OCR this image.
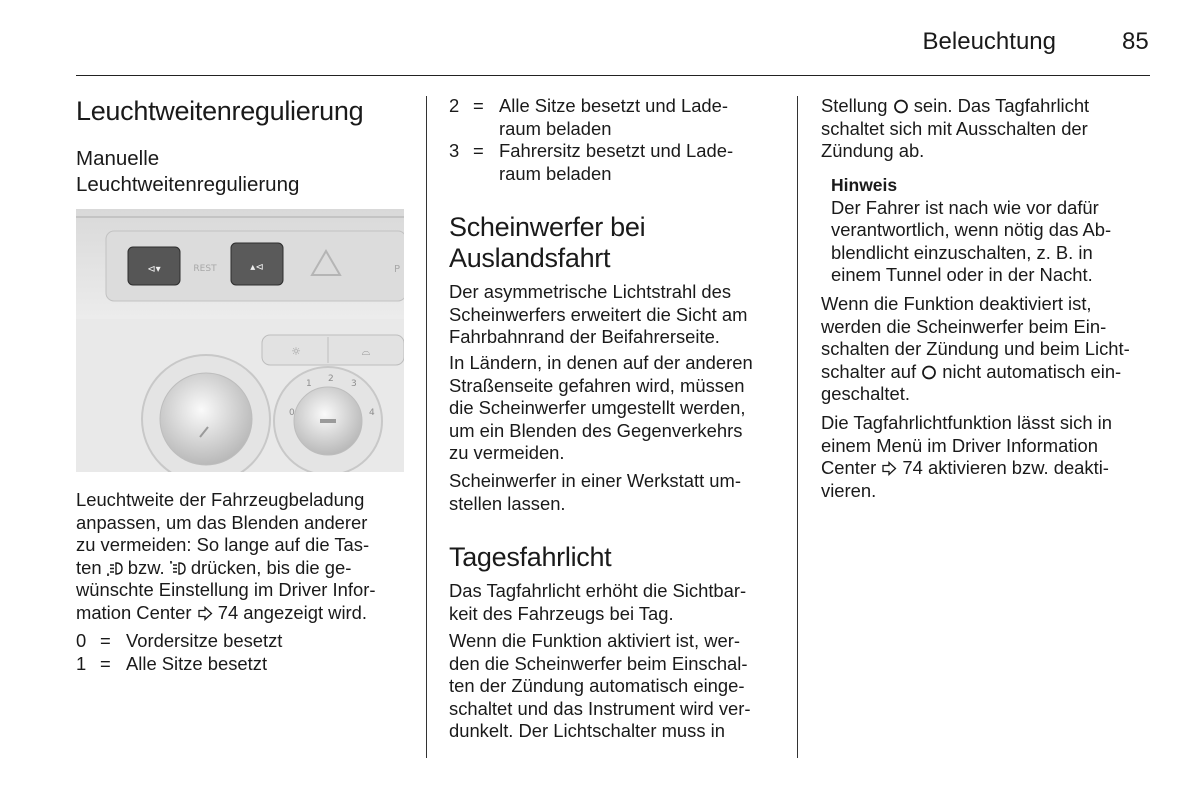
Beleuchtung	85
Leuchtweitenregulierung
Manuelle
Leuchtweitenregulierung
⊲▾	REST	▴⊲	P
☼	⌓
1 2 3
4
0

Leuchtweite der Fahrzeugbeladung

anpassen, um das Blenden anderer

zu vermeiden: So lange auf die Tas-

ten  bzw.  drücken, bis die ge-

wünschte Einstellung im Driver Infor-

mation Center  74 angezeigt wird.

0 = Vordersitze besetzt
1 = Alle Sitze besetzt
2 = Alle Sitze besetzt und Lade-
raum beladen
3 = Fahrersitz besetzt und Lade-
raum beladen
Scheinwerfer bei
Auslandsfahrt

Der asymmetrische Lichtstrahl des

Scheinwerfers erweitert die Sicht am

Fahrbahnrand der Beifahrerseite.

In Ländern, in denen auf der anderen

Straßenseite gefahren wird, müssen

die Scheinwerfer umgestellt werden,

um ein Blenden des Gegenverkehrs

zu vermeiden.

Scheinwerfer in einer Werkstatt um-

stellen lassen.

Tagesfahrlicht

Das Tagfahrlicht erhöht die Sichtbar-

keit des Fahrzeugs bei Tag.

Wenn die Funktion aktiviert ist, wer-

den die Scheinwerfer beim Einschal-

ten der Zündung automatisch einge-

schaltet und das Instrument wird ver-

dunkelt. Der Lichtschalter muss in

Stellung  sein. Das Tagfahrlicht

schaltet sich mit Ausschalten der

Zündung ab.

Hinweis

Der Fahrer ist nach wie vor dafür

verantwortlich, wenn nötig das Ab-

blendlicht einzuschalten, z. B. in

einem Tunnel oder in der Nacht.

Wenn die Funktion deaktiviert ist,

werden die Scheinwerfer beim Ein-

schalten der Zündung und beim Licht-

schalter auf  nicht automatisch ein-

geschaltet.

Die Tagfahrlichtfunktion lässt sich in

einem Menü im Driver Information

Center  74 aktivieren bzw. deakti-

vieren.
